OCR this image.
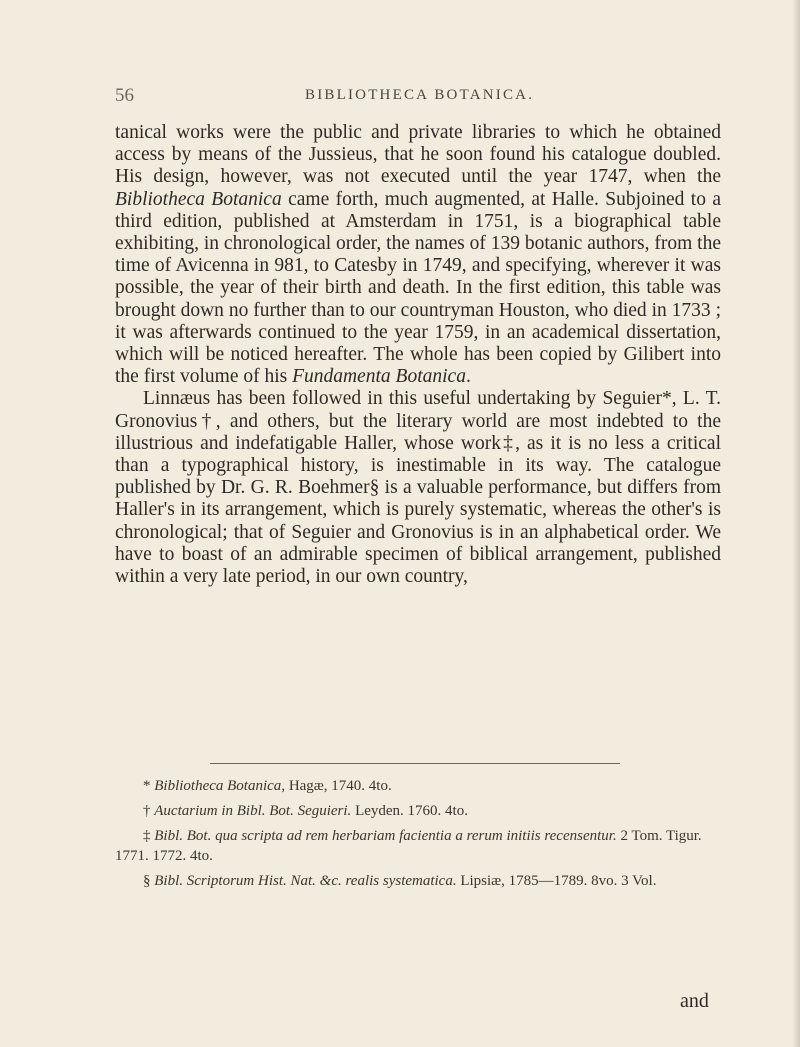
56	BIBLIOTHECA BOTANICA.

tanical works were the public and private libraries to which he obtained access by means of the Jussieus, that he soon found his catalogue doubled. His design, however, was not executed until the year 1747, when the Bibliotheca Botanica came forth, much augmented, at Halle. Subjoined to a third edition, published at Amsterdam in 1751, is a biographical table exhibiting, in chronological order, the names of 139 botanic authors, from the time of Avicenna in 981, to Catesby in 1749, and specifying, wherever it was possible, the year of their birth and death. In the first edition, this table was brought down no further than to our countryman Houston, who died in 1733 ; it was afterwards continued to the year 1759, in an academical dissertation, which will be noticed hereafter. The whole has been copied by Gilibert into the first volume of his Fundamenta Botanica.

Linnæus has been followed in this useful undertaking by Seguier*, L. T. Gronovius†, and others, but the literary world are most indebted to the illustrious and indefatigable Haller, whose work‡, as it is no less a critical than a typographical history, is inestimable in its way. The catalogue published by Dr. G. R. Boehmer§ is a valuable performance, but differs from Haller's in its arrangement, which is purely systematic, whereas the other's is chronological; that of Seguier and Gronovius is in an alphabetical order. We have to boast of an admirable specimen of biblical arrangement, published within a very late period, in our own country,

* Bibliotheca Botanica, Hagæ, 1740. 4to.

† Auctarium in Bibl. Bot. Seguieri. Leyden. 1760. 4to.

‡ Bibl. Bot. qua scripta ad rem herbariam facientia a rerum initiis recensentur. 2 Tom. Tigur. 1771. 1772. 4to.

§ Bibl. Scriptorum Hist. Nat. &c. realis systematica. Lipsiæ, 1785—1789. 8vo. 3 Vol.

and
